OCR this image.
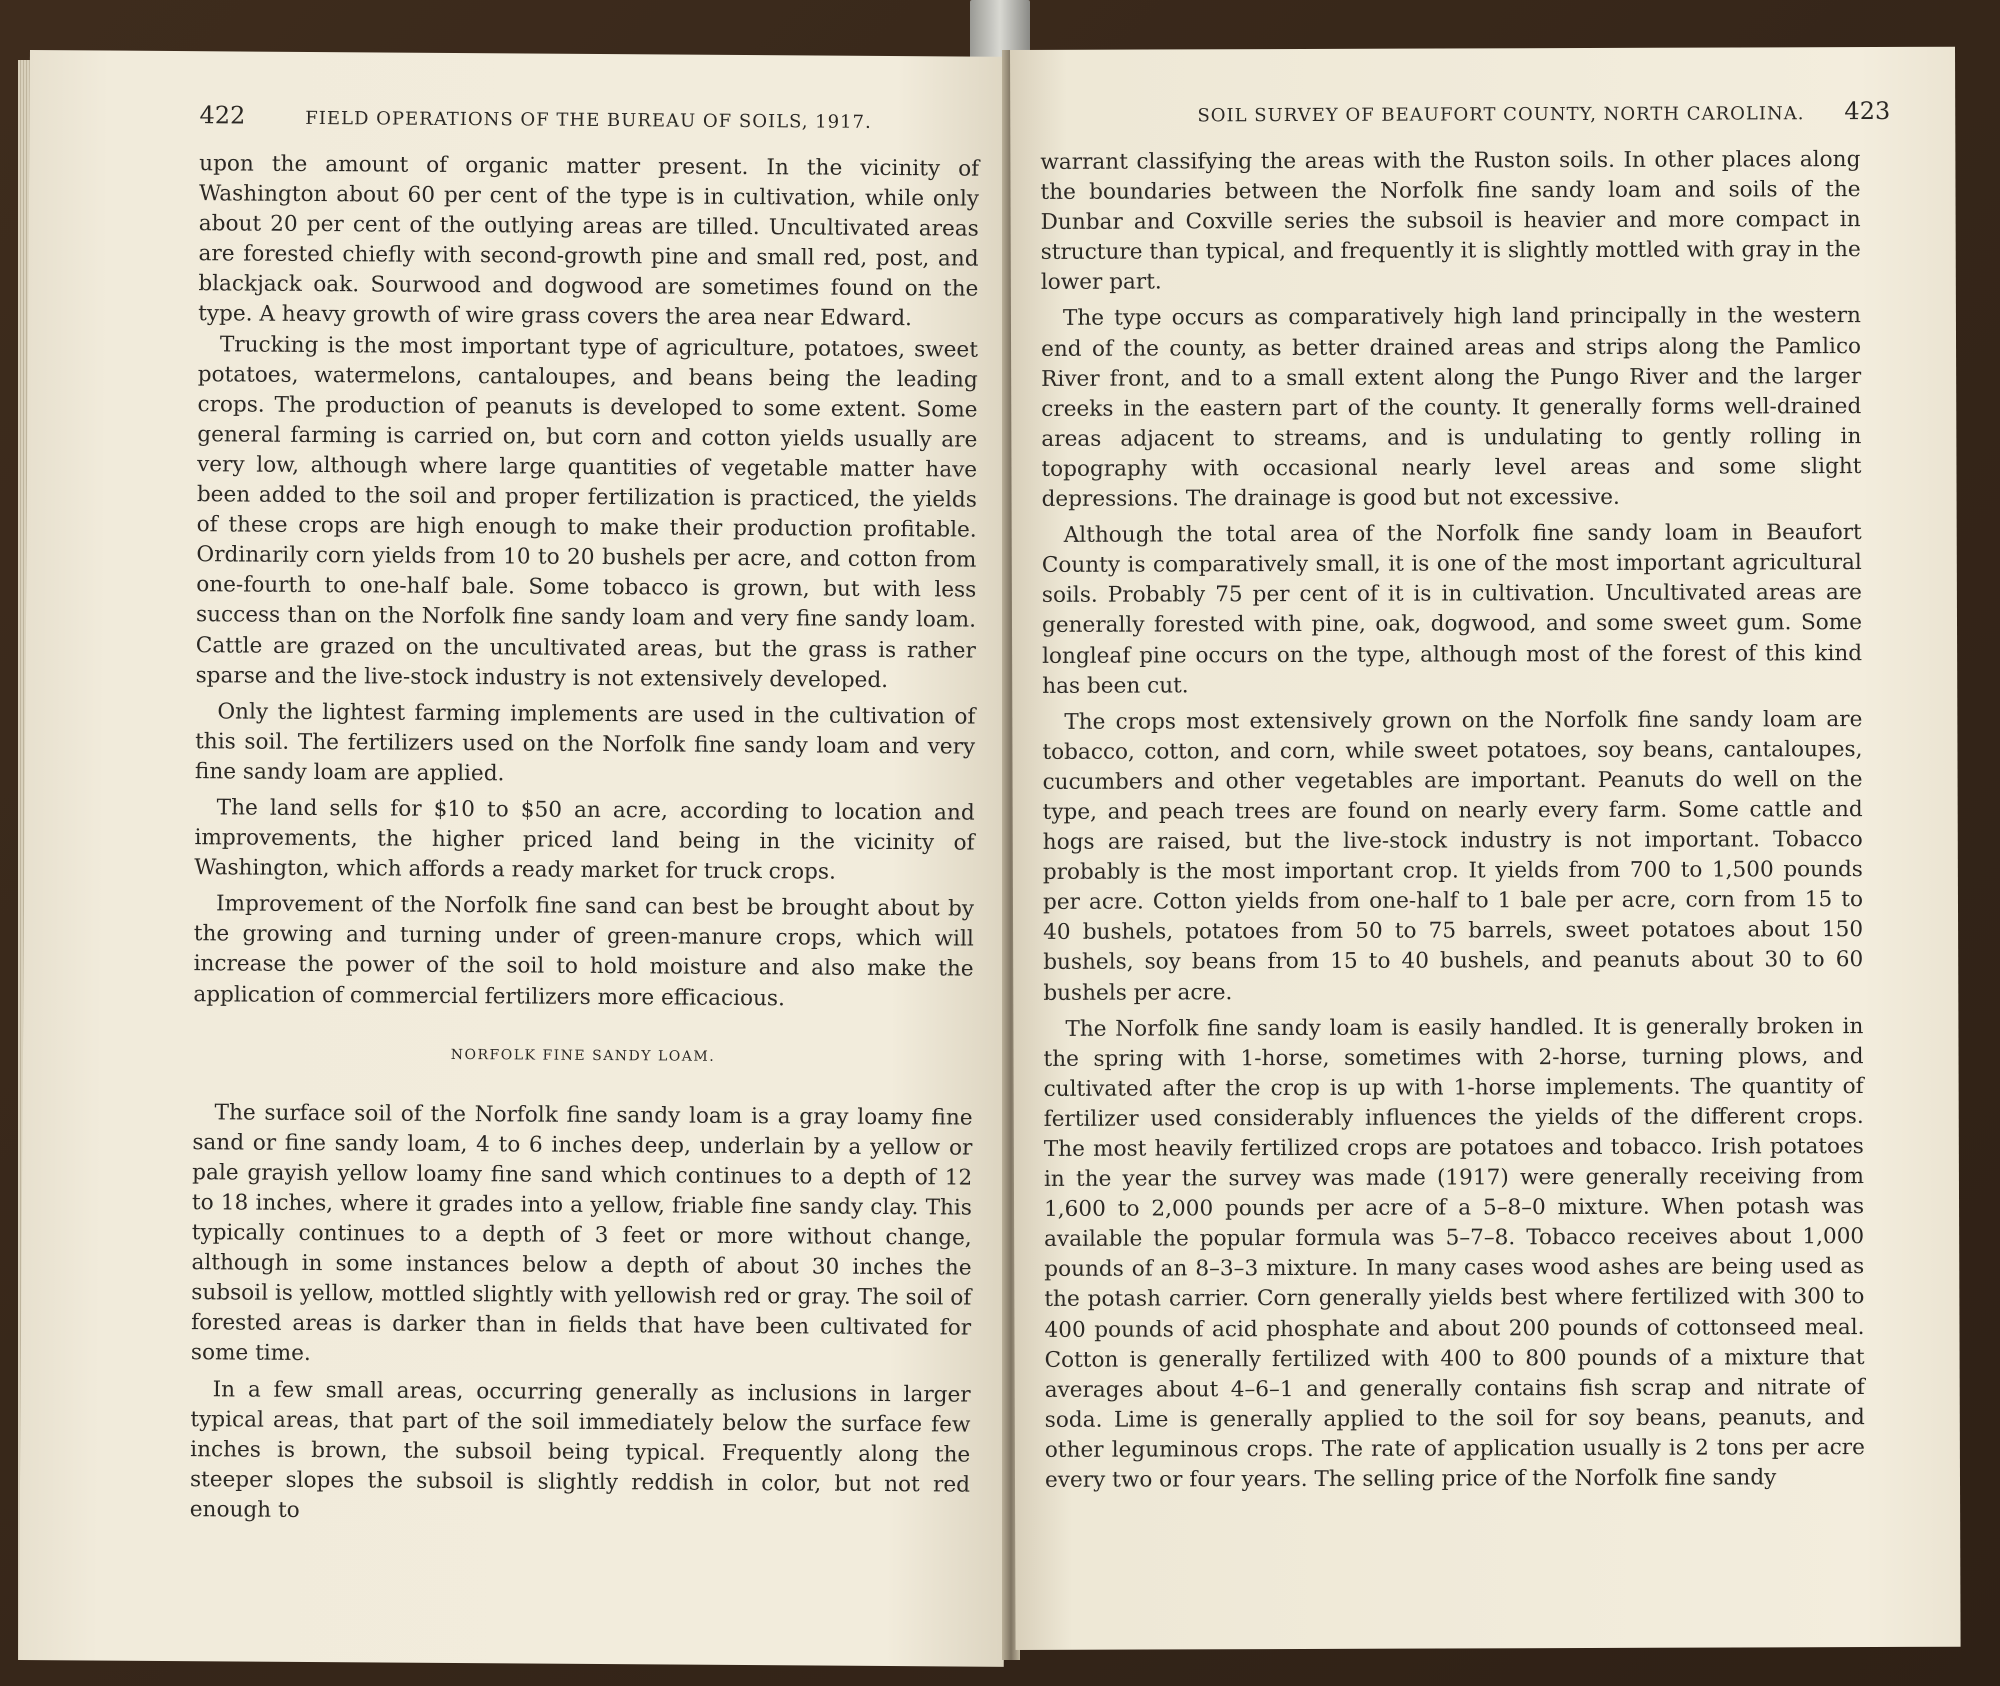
422	FIELD OPERATIONS OF THE BUREAU OF SOILS, 1917.

upon the amount of organic matter present. In the vicinity of Washington about 60 per cent of the type is in cultivation, while only about 20 per cent of the outlying areas are tilled. Uncultivated areas are forested chiefly with second-growth pine and small red, post, and blackjack oak. Sourwood and dogwood are sometimes found on the type. A heavy growth of wire grass covers the area near Edward.

Trucking is the most important type of agriculture, potatoes, sweet potatoes, watermelons, cantaloupes, and beans being the leading crops. The production of peanuts is developed to some extent. Some general farming is carried on, but corn and cotton yields usually are very low, although where large quantities of vegetable matter have been added to the soil and proper fertilization is practiced, the yields of these crops are high enough to make their production profitable. Ordinarily corn yields from 10 to 20 bushels per acre, and cotton from one-fourth to one-half bale. Some tobacco is grown, but with less success than on the Norfolk fine sandy loam and very fine sandy loam. Cattle are grazed on the uncultivated areas, but the grass is rather sparse and the live-stock industry is not extensively developed.

Only the lightest farming implements are used in the cultivation of this soil. The fertilizers used on the Norfolk fine sandy loam and very fine sandy loam are applied.

The land sells for $10 to $50 an acre, according to location and improvements, the higher priced land being in the vicinity of Washington, which affords a ready market for truck crops.

Improvement of the Norfolk fine sand can best be brought about by the growing and turning under of green-manure crops, which will increase the power of the soil to hold moisture and also make the application of commercial fertilizers more efficacious.

NORFOLK FINE SANDY LOAM.

The surface soil of the Norfolk fine sandy loam is a gray loamy fine sand or fine sandy loam, 4 to 6 inches deep, underlain by a yellow or pale grayish yellow loamy fine sand which continues to a depth of 12 to 18 inches, where it grades into a yellow, friable fine sandy clay. This typically continues to a depth of 3 feet or more without change, although in some instances below a depth of about 30 inches the subsoil is yellow, mottled slightly with yellowish red or gray. The soil of forested areas is darker than in fields that have been cultivated for some time.

In a few small areas, occurring generally as inclusions in larger typical areas, that part of the soil immediately below the surface few inches is brown, the subsoil being typical. Frequently along the steeper slopes the subsoil is slightly reddish in color, but not red enough to

SOIL SURVEY OF BEAUFORT COUNTY, NORTH CAROLINA. 423

warrant classifying the areas with the Ruston soils. In other places along the boundaries between the Norfolk fine sandy loam and soils of the Dunbar and Coxville series the subsoil is heavier and more compact in structure than typical, and frequently it is slightly mottled with gray in the lower part.

The type occurs as comparatively high land principally in the western end of the county, as better drained areas and strips along the Pamlico River front, and to a small extent along the Pungo River and the larger creeks in the eastern part of the county. It generally forms well-drained areas adjacent to streams, and is undulating to gently rolling in topography with occasional nearly level areas and some slight depressions. The drainage is good but not excessive.

Although the total area of the Norfolk fine sandy loam in Beaufort County is comparatively small, it is one of the most important agricultural soils. Probably 75 per cent of it is in cultivation. Uncultivated areas are generally forested with pine, oak, dogwood, and some sweet gum. Some longleaf pine occurs on the type, although most of the forest of this kind has been cut.

The crops most extensively grown on the Norfolk fine sandy loam are tobacco, cotton, and corn, while sweet potatoes, soy beans, cantaloupes, cucumbers and other vegetables are important. Peanuts do well on the type, and peach trees are found on nearly every farm. Some cattle and hogs are raised, but the live-stock industry is not important. Tobacco probably is the most important crop. It yields from 700 to 1,500 pounds per acre. Cotton yields from one-half to 1 bale per acre, corn from 15 to 40 bushels, potatoes from 50 to 75 barrels, sweet potatoes about 150 bushels, soy beans from 15 to 40 bushels, and peanuts about 30 to 60 bushels per acre.

The Norfolk fine sandy loam is easily handled. It is generally broken in the spring with 1-horse, sometimes with 2-horse, turning plows, and cultivated after the crop is up with 1-horse implements. The quantity of fertilizer used considerably influences the yields of the different crops. The most heavily fertilized crops are potatoes and tobacco. Irish potatoes in the year the survey was made (1917) were generally receiving from 1,600 to 2,000 pounds per acre of a 5–8–0 mixture. When potash was available the popular formula was 5–7–8. Tobacco receives about 1,000 pounds of an 8–3–3 mixture. In many cases wood ashes are being used as the potash carrier. Corn generally yields best where fertilized with 300 to 400 pounds of acid phosphate and about 200 pounds of cottonseed meal. Cotton is generally fertilized with 400 to 800 pounds of a mixture that averages about 4–6–1 and generally contains fish scrap and nitrate of soda. Lime is generally applied to the soil for soy beans, peanuts, and other leguminous crops. The rate of application usually is 2 tons per acre every two or four years. The selling price of the Norfolk fine sandy
